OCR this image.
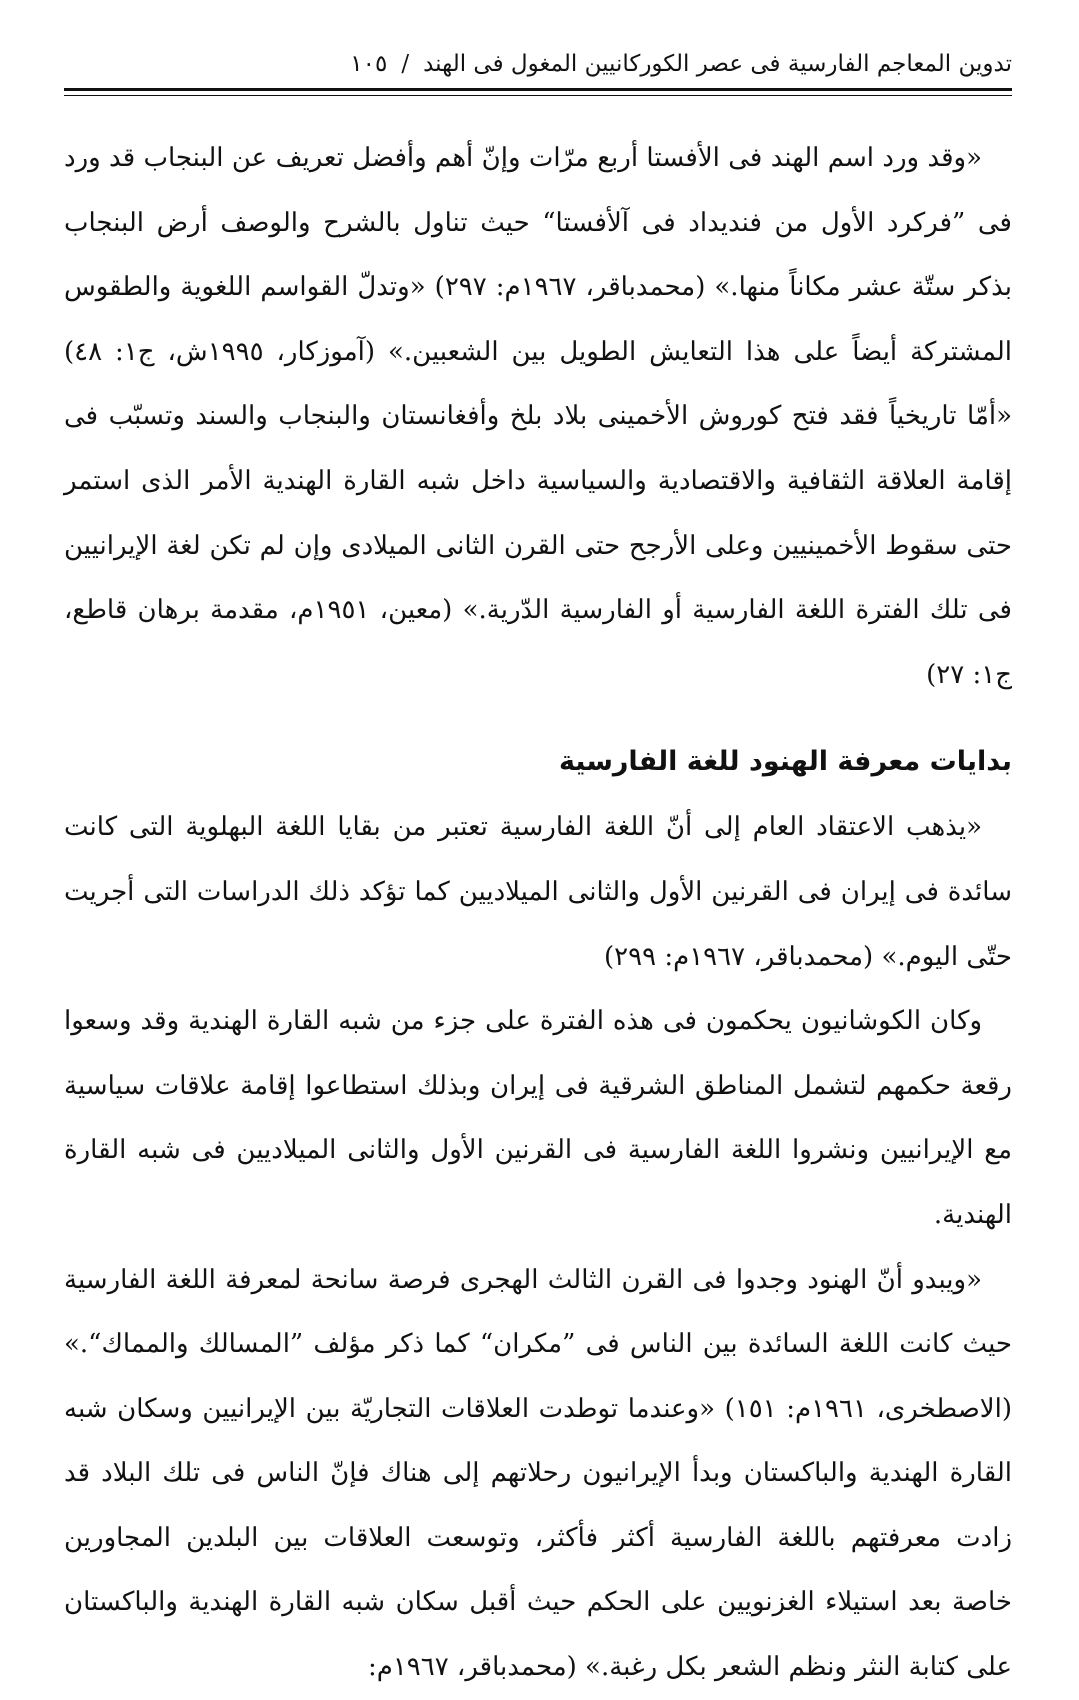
تدوين المعاجم الفارسية فى عصر الكوركانيين المغول فى الهند
/
١٠٥

«وقد ورد اسم الهند فى الأفستا أربع مرّات وإنّ أهم وأفضل تعريف عن البنجاب قد ورد فى ”فركرد الأول من فنديداد فى آلأفستا“ حيث تناول بالشرح والوصف أرض البنجاب بذكر ستّة عشر مكاناً منها.» (محمدباقر، ١٩٦٧م: ٢٩٧) «وتدلّ القواسم اللغوية والطقوس المشتركة أيضاً على هذا التعايش الطويل بين الشعبين.» (آموزكار، ١٩٩٥ش، ج١: ٤٨) «أمّا تاريخياً فقد فتح كوروش الأخمينى بلاد بلخ وأفغانستان والبنجاب والسند وتسبّب فى إقامة العلاقة الثقافية والاقتصادية والسياسية داخل شبه القارة الهندية الأمر الذى استمر حتى سقوط الأخمينيين وعلى الأرجح حتى القرن الثانى الميلادى وإن لم تكن لغة الإيرانيين فى تلك الفترة اللغة الفارسية أو الفارسية الدّرية.» (معين، ١٩٥١م، مقدمة برهان قاطع، ج١: ٢٧)

بدايات معرفة الهنود للغة الفارسية

«يذهب الاعتقاد العام إلى أنّ اللغة الفارسية تعتبر من بقايا اللغة البهلوية التى كانت سائدة فى إيران فى القرنين الأول والثانى الميلاديين كما تؤكد ذلك الدراسات التى أجريت حتّى اليوم.» (محمدباقر، ١٩٦٧م: ٢٩٩)

وكان الكوشانيون يحكمون فى هذه الفترة على جزء من شبه القارة الهندية وقد وسعوا رقعة حكمهم لتشمل المناطق الشرقية فى إيران وبذلك استطاعوا إقامة علاقات سياسية مع الإيرانيين ونشروا اللغة الفارسية فى القرنين الأول والثانى الميلاديين فى شبه القارة الهندية.

«ويبدو أنّ الهنود وجدوا فى القرن الثالث الهجرى فرصة سانحة لمعرفة اللغة الفارسية حيث كانت اللغة السائدة بين الناس فى ”مكران“ كما ذكر مؤلف ”المسالك والمماك“.» (الاصطخرى، ١٩٦١م: ١٥١) «وعندما توطدت العلاقات التجاريّة بين الإيرانيين وسكان شبه القارة الهندية والباكستان وبدأ الإيرانيون رحلاتهم إلى هناك فإنّ الناس فى تلك البلاد قد زادت معرفتهم باللغة الفارسية أكثر فأكثر، وتوسعت العلاقات بين البلدين المجاورين خاصة بعد استيلاء الغزنويين على الحكم حيث أقبل سكان شبه القارة الهندية والباكستان على كتابة النثر ونظم الشعر بكل رغبة.» (محمدباقر، ١٩٦٧م:
